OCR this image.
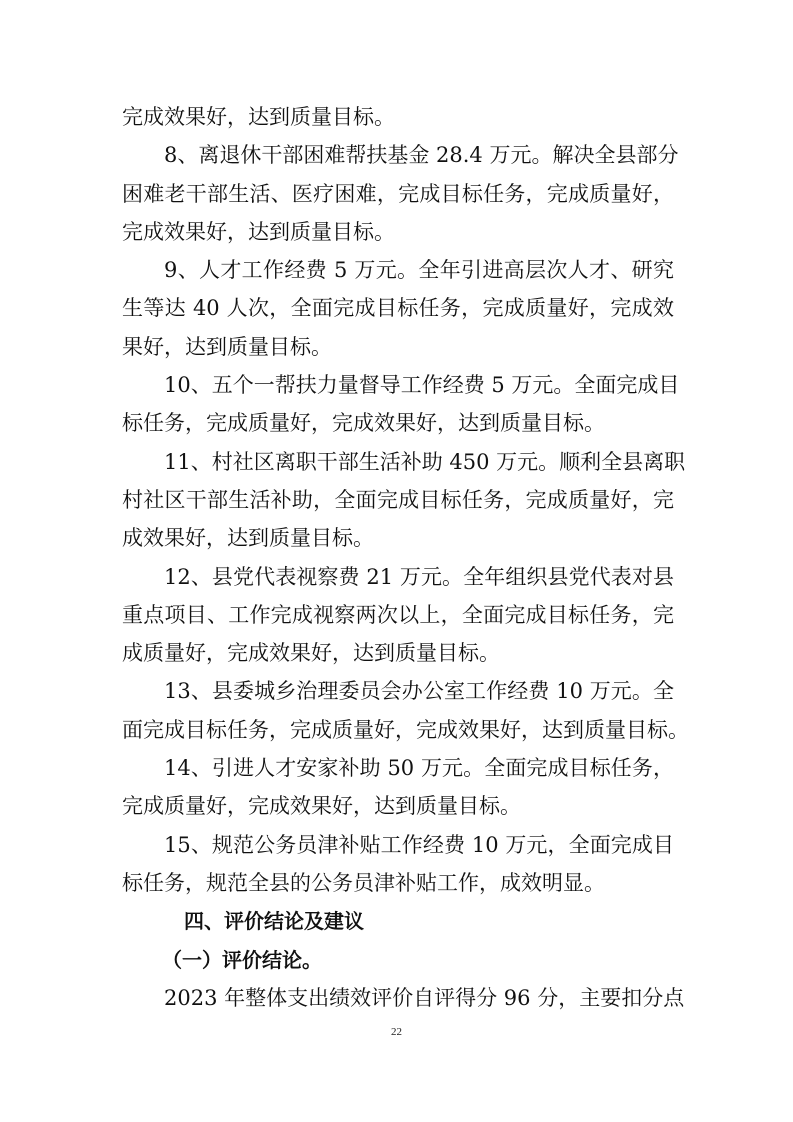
完成效果好，达到质量目标。
8、离退休干部困难帮扶基金 28.4 万元。解决全县部分
困难老干部生活、医疗困难，完成目标任务，完成质量好，
完成效果好，达到质量目标。
9、人才工作经费 5 万元。全年引进高层次人才、研究
生等达 40 人次，全面完成目标任务，完成质量好，完成效
果好，达到质量目标。
10、五个一帮扶力量督导工作经费 5 万元。全面完成目
标任务，完成质量好，完成效果好，达到质量目标。
11、村社区离职干部生活补助 450 万元。顺利全县离职
村社区干部生活补助，全面完成目标任务，完成质量好，完
成效果好，达到质量目标。
12、县党代表视察费 21 万元。全年组织县党代表对县
重点项目、工作完成视察两次以上，全面完成目标任务，完
成质量好，完成效果好，达到质量目标。
13、县委城乡治理委员会办公室工作经费 10 万元。全
面完成目标任务，完成质量好，完成效果好，达到质量目标。
14、引进人才安家补助 50 万元。全面完成目标任务，
完成质量好，完成效果好，达到质量目标。
15、规范公务员津补贴工作经费 10 万元，全面完成目
标任务，规范全县的公务员津补贴工作，成效明显。
四、评价结论及建议
（一）评价结论。
2023 年整体支出绩效评价自评得分 96 分，主要扣分点
22
